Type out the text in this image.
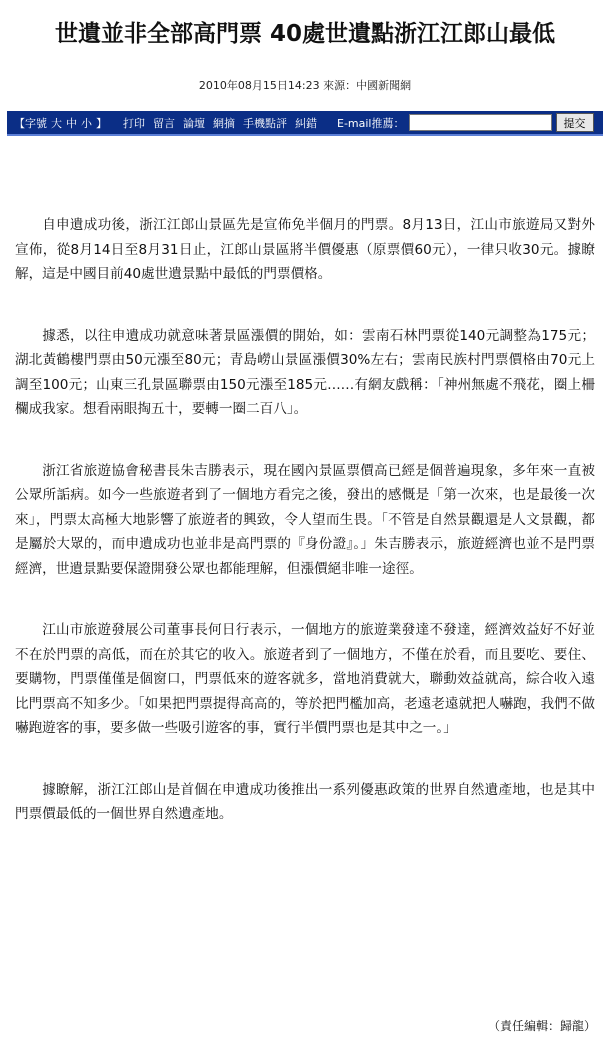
世遺並非全部高門票 40處世遺點浙江江郎山最低
2010年08月15日14:23 來源：中國新聞網
【 字號 大 中 小 】 打印 留言 論壇 網摘 手機點評 糾錯 E-mail推薦：	提交

自申遺成功後，浙江江郎山景區先是宣佈免半個月的門票。8月13日，江山市旅遊局又對外宣佈，從8月14日至8月31日止，江郎山景區將半價優惠（原票價60元），一律只收30元。據瞭解，這是中國目前40處世遺景點中最低的門票價格。

據悉，以往申遺成功就意味著景區漲價的開始，如：雲南石林門票從140元調整為175元；湖北黃鶴樓門票由50元漲至80元；青島嶗山景區漲價30%左右；雲南民族村門票價格由70元上調至100元；山東三孔景區聯票由150元漲至185元……有網友戲稱：「神州無處不飛花，圈上柵欄成我家。想看兩眼掏五十，要轉一圈二百八」。

浙江省旅遊協會秘書長朱吉勝表示，現在國內景區票價高已經是個普遍現象，多年來一直被公眾所詬病。如今一些旅遊者到了一個地方看完之後，發出的感慨是「第一次來，也是最後一次來」，門票太高極大地影響了旅遊者的興致，令人望而生畏。「不管是自然景觀還是人文景觀，都是屬於大眾的，而申遺成功也並非是高門票的『身份證』。」朱吉勝表示，旅遊經濟也並不是門票經濟，世遺景點要保證開發公眾也都能理解，但漲價絕非唯一途徑。

江山市旅遊發展公司董事長何日行表示，一個地方的旅遊業發達不發達，經濟效益好不好並不在於門票的高低，而在於其它的收入。旅遊者到了一個地方，不僅在於看，而且要吃、要住、要購物，門票僅僅是個窗口，門票低來的遊客就多，當地消費就大，聯動效益就高，綜合收入遠比門票高不知多少。「如果把門票提得高高的，等於把門檻加高，老遠老遠就把人嚇跑，我們不做嚇跑遊客的事，要多做一些吸引遊客的事，實行半價門票也是其中之一。」

據瞭解，浙江江郎山是首個在申遺成功後推出一系列優惠政策的世界自然遺產地，也是其中門票價最低的一個世界自然遺產地。

（責任編輯：歸龍）
